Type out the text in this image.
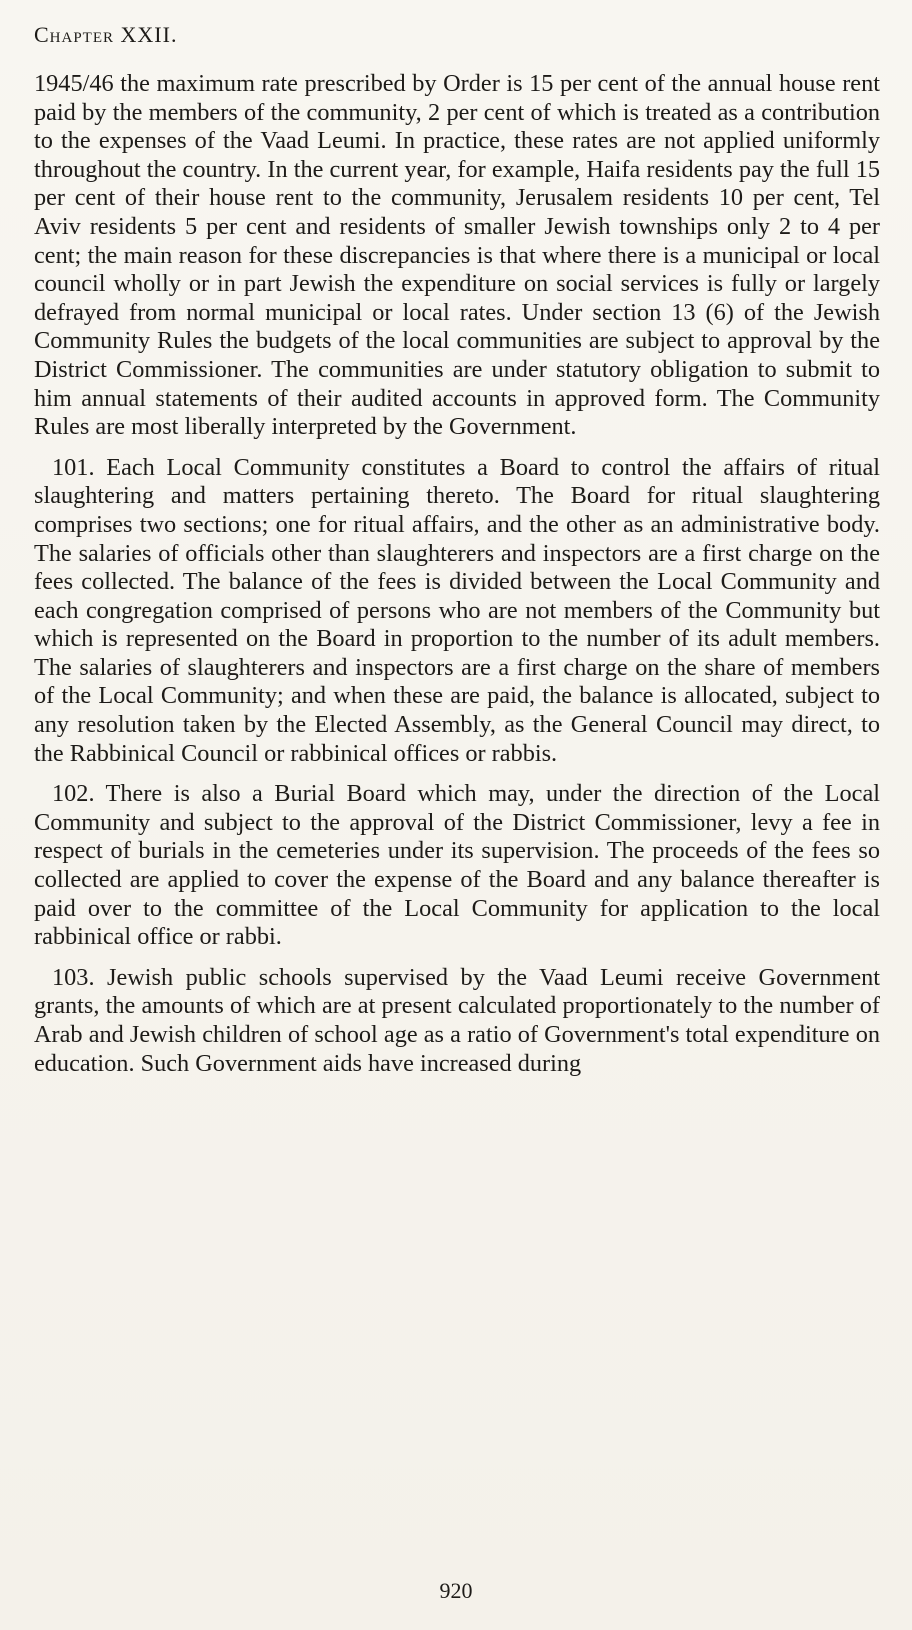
Chapter XXII.

1945/46 the maximum rate prescribed by Order is 15 per cent of the annual house rent paid by the members of the community, 2 per cent of which is treated as a contribution to the expenses of the Vaad Leumi. In practice, these rates are not applied uniformly throughout the country. In the current year, for example, Haifa residents pay the full 15 per cent of their house rent to the community, Jerusalem residents 10 per cent, Tel Aviv residents 5 per cent and residents of smaller Jewish townships only 2 to 4 per cent; the main reason for these discrepancies is that where there is a municipal or local council wholly or in part Jewish the expenditure on social services is fully or largely defrayed from normal municipal or local rates. Under section 13 (6) of the Jewish Community Rules the budgets of the local communities are subject to approval by the District Commissioner. The communities are under statutory obligation to submit to him annual statements of their audited accounts in approved form. The Community Rules are most liberally interpreted by the Government.

101. Each Local Community constitutes a Board to control the affairs of ritual slaughtering and matters pertaining thereto. The Board for ritual slaughtering comprises two sections; one for ritual affairs, and the other as an administrative body. The salaries of officials other than slaughterers and inspectors are a first charge on the fees collected. The balance of the fees is divided between the Local Community and each congregation comprised of persons who are not members of the Community but which is represented on the Board in proportion to the number of its adult members. The salaries of slaughterers and inspectors are a first charge on the share of members of the Local Community; and when these are paid, the balance is allocated, subject to any resolution taken by the Elected Assembly, as the General Council may direct, to the Rabbinical Council or rabbinical offices or rabbis.

102. There is also a Burial Board which may, under the direction of the Local Community and subject to the approval of the District Commissioner, levy a fee in respect of burials in the cemeteries under its supervision. The proceeds of the fees so collected are applied to cover the expense of the Board and any balance thereafter is paid over to the committee of the Local Community for application to the local rabbinical office or rabbi.

103. Jewish public schools supervised by the Vaad Leumi receive Government grants, the amounts of which are at present calculated proportionately to the number of Arab and Jewish children of school age as a ratio of Government's total expenditure on education. Such Government aids have increased during

920
